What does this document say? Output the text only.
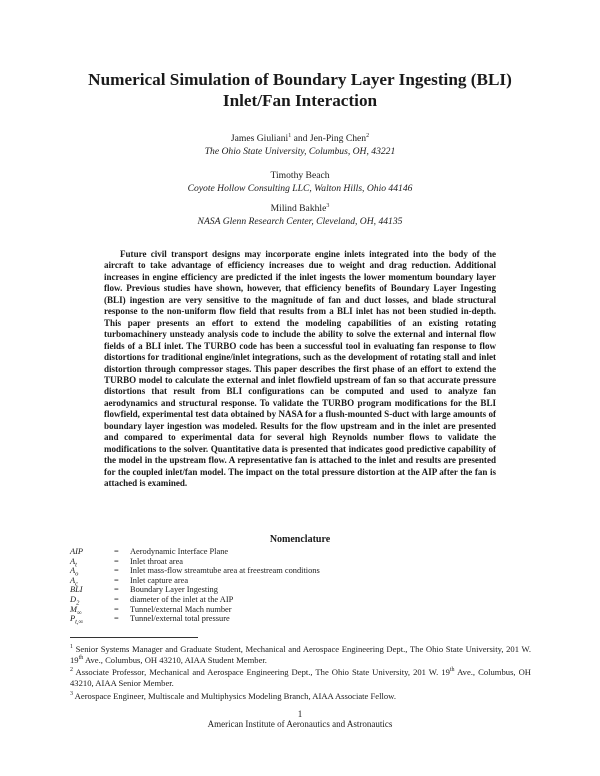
Numerical Simulation of Boundary Layer Ingesting (BLI)
Inlet/Fan Interaction
James Giuliani$^1$ and Jen-Ping Chen$^2$
The Ohio State University, Columbus, OH, 43221
Timothy Beach
Coyote Hollow Consulting LLC, Walton Hills, Ohio 44146
Milind Bakhle$^3$
NASA Glenn Research Center, Cleveland, OH, 44135
Future civil transport designs may incorporate engine inlets integrated into the body of the aircraft to take advantage of efficiency increases due to weight and drag reduction. Additional increases in engine efficiency are predicted if the inlet ingests the lower momentum boundary layer flow. Previous studies have shown, however, that efficiency benefits of Boundary Layer Ingesting (BLI) ingestion are very sensitive to the magnitude of fan and duct losses, and blade structural response to the non-uniform flow field that results from a BLI inlet has not been studied in-depth. This paper presents an effort to extend the modeling capabilities of an existing rotating turbomachinery unsteady analysis code to include the ability to solve the external and internal flow fields of a BLI inlet. The TURBO code has been a successful tool in evaluating fan response to flow distortions for traditional engine/inlet integrations, such as the development of rotating stall and inlet distortion through compressor stages. This paper describes the first phase of an effort to extend the TURBO model to calculate the external and inlet flowfield upstream of fan so that accurate pressure distortions that result from BLI configurations can be computed and used to analyze fan aerodynamics and structural response. To validate the TURBO program modifications for the BLI flowfield, experimental test data obtained by NASA for a flush-mounted S-duct with large amounts of boundary layer ingestion was modeled. Results for the flow upstream and in the inlet are presented and compared to experimental data for several high Reynolds number flows to validate the modifications to the solver. Quantitative data is presented that indicates good predictive capability of the model in the upstream flow. A representative fan is attached to the inlet and results are presented for the coupled inlet/fan model. The impact on the total pressure distortion at the AIP after the fan is attached is examined.
Nomenclature
AIP	= Aerodynamic Interface Plane
$A_t$	= Inlet throat area
$A_o$	= Inlet mass-flow streamtube area at freestream conditions
$A_c$	= Inlet capture area
BLI	= Boundary Layer Ingesting
$D_2$	= diameter of the inlet at the AIP
$M_\infty$	= Tunnel/external Mach number
$P_{t,\infty}$	= Tunnel/external total pressure
$^1$ Senior Systems Manager and Graduate Student, Mechanical and Aerospace Engineering Dept., The Ohio State University, 201 W. 19th Ave., Columbus, OH 43210, AIAA Student Member.
$^2$ Associate Professor, Mechanical and Aerospace Engineering Dept., The Ohio State University, 201 W. 19th Ave., Columbus, OH 43210, AIAA Senior Member.
$^3$ Aerospace Engineer, Multiscale and Multiphysics Modeling Branch, AIAA Associate Fellow.
1
American Institute of Aeronautics and Astronautics
